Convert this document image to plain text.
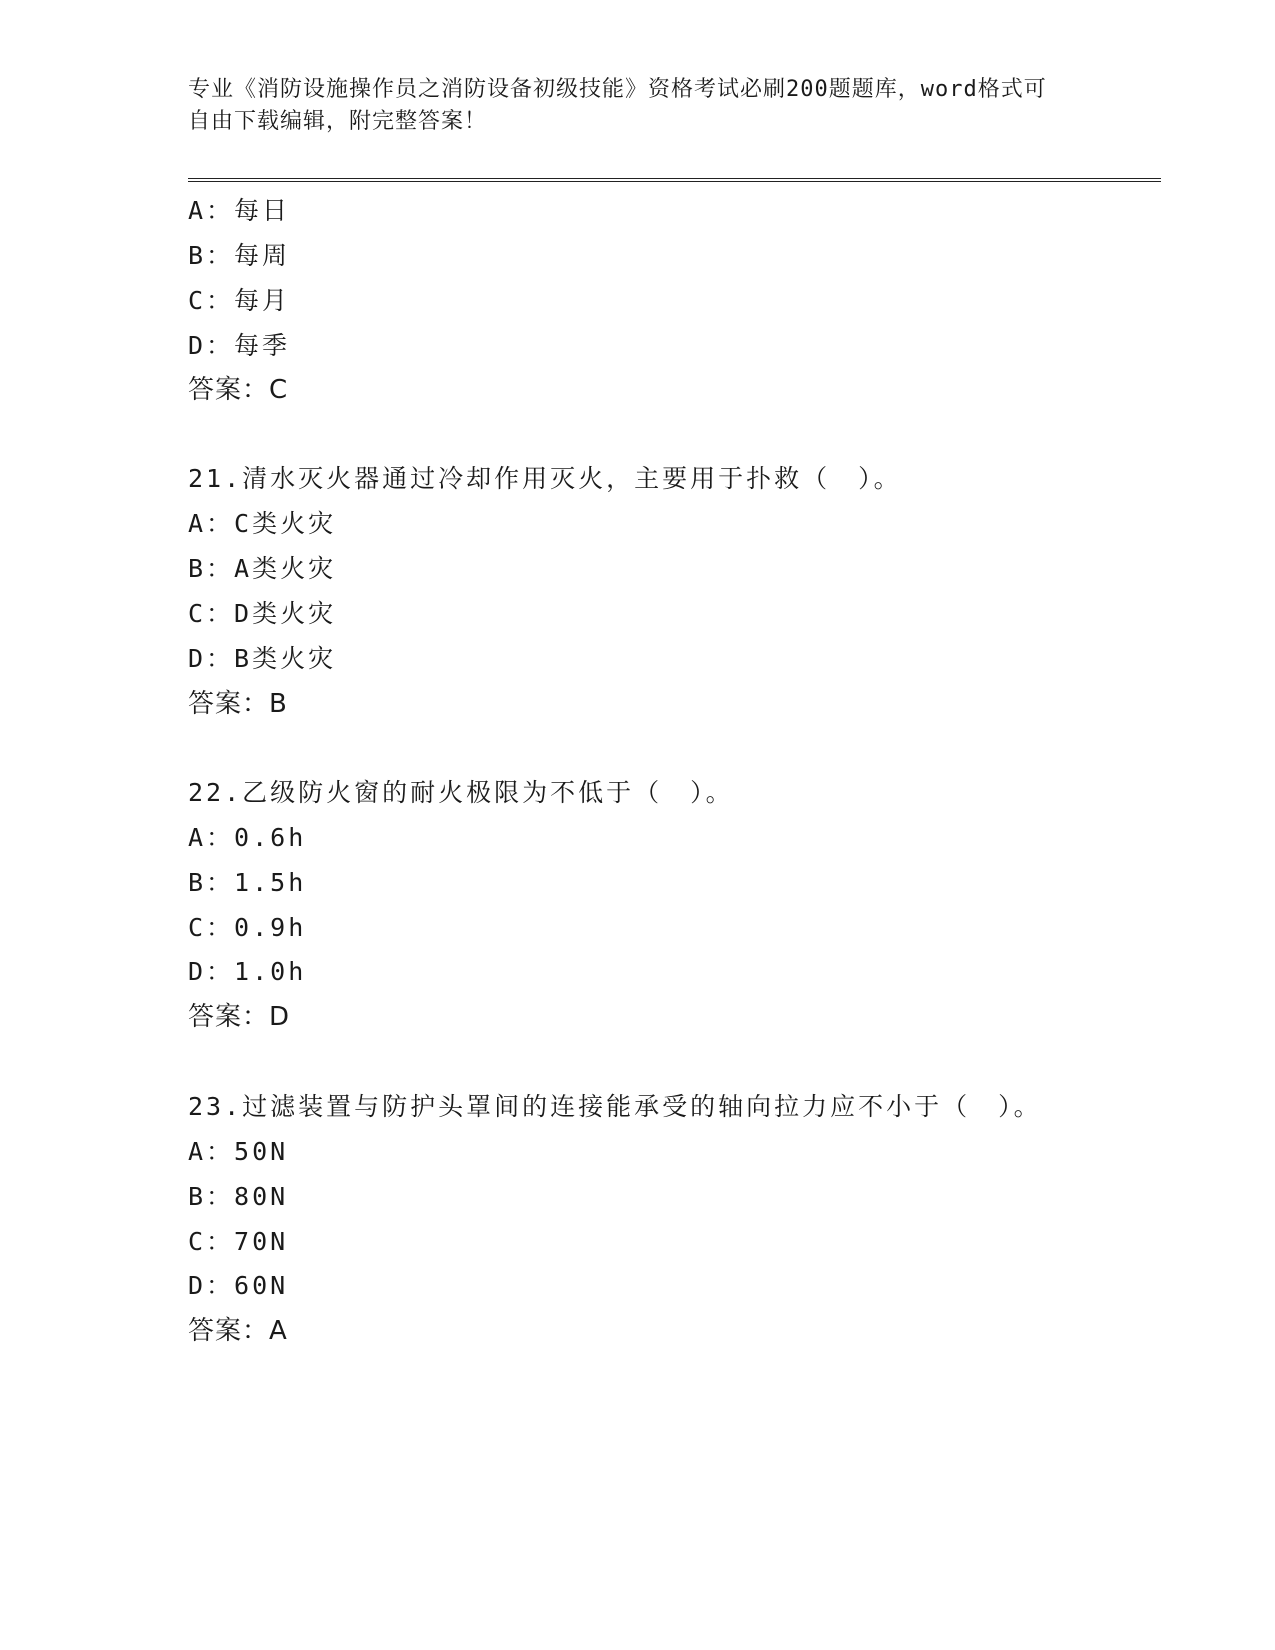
专业《消防设施操作员之消防设备初级技能》资格考试必刷200题题库，word格式可自由下载编辑，附完整答案！
A：每日
B：每周
C：每月
D：每季
答案：C
21.清水灭火器通过冷却作用灭火，主要用于扑救（　）。
A：C类火灾
B：A类火灾
C：D类火灾
D：B类火灾
答案：B
22.乙级防火窗的耐火极限为不低于（　）。
A：0.6h
B：1.5h
C：0.9h
D：1.0h
答案：D
23.过滤装置与防护头罩间的连接能承受的轴向拉力应不小于（　）。
A：50N
B：80N
C：70N
D：60N
答案：A
